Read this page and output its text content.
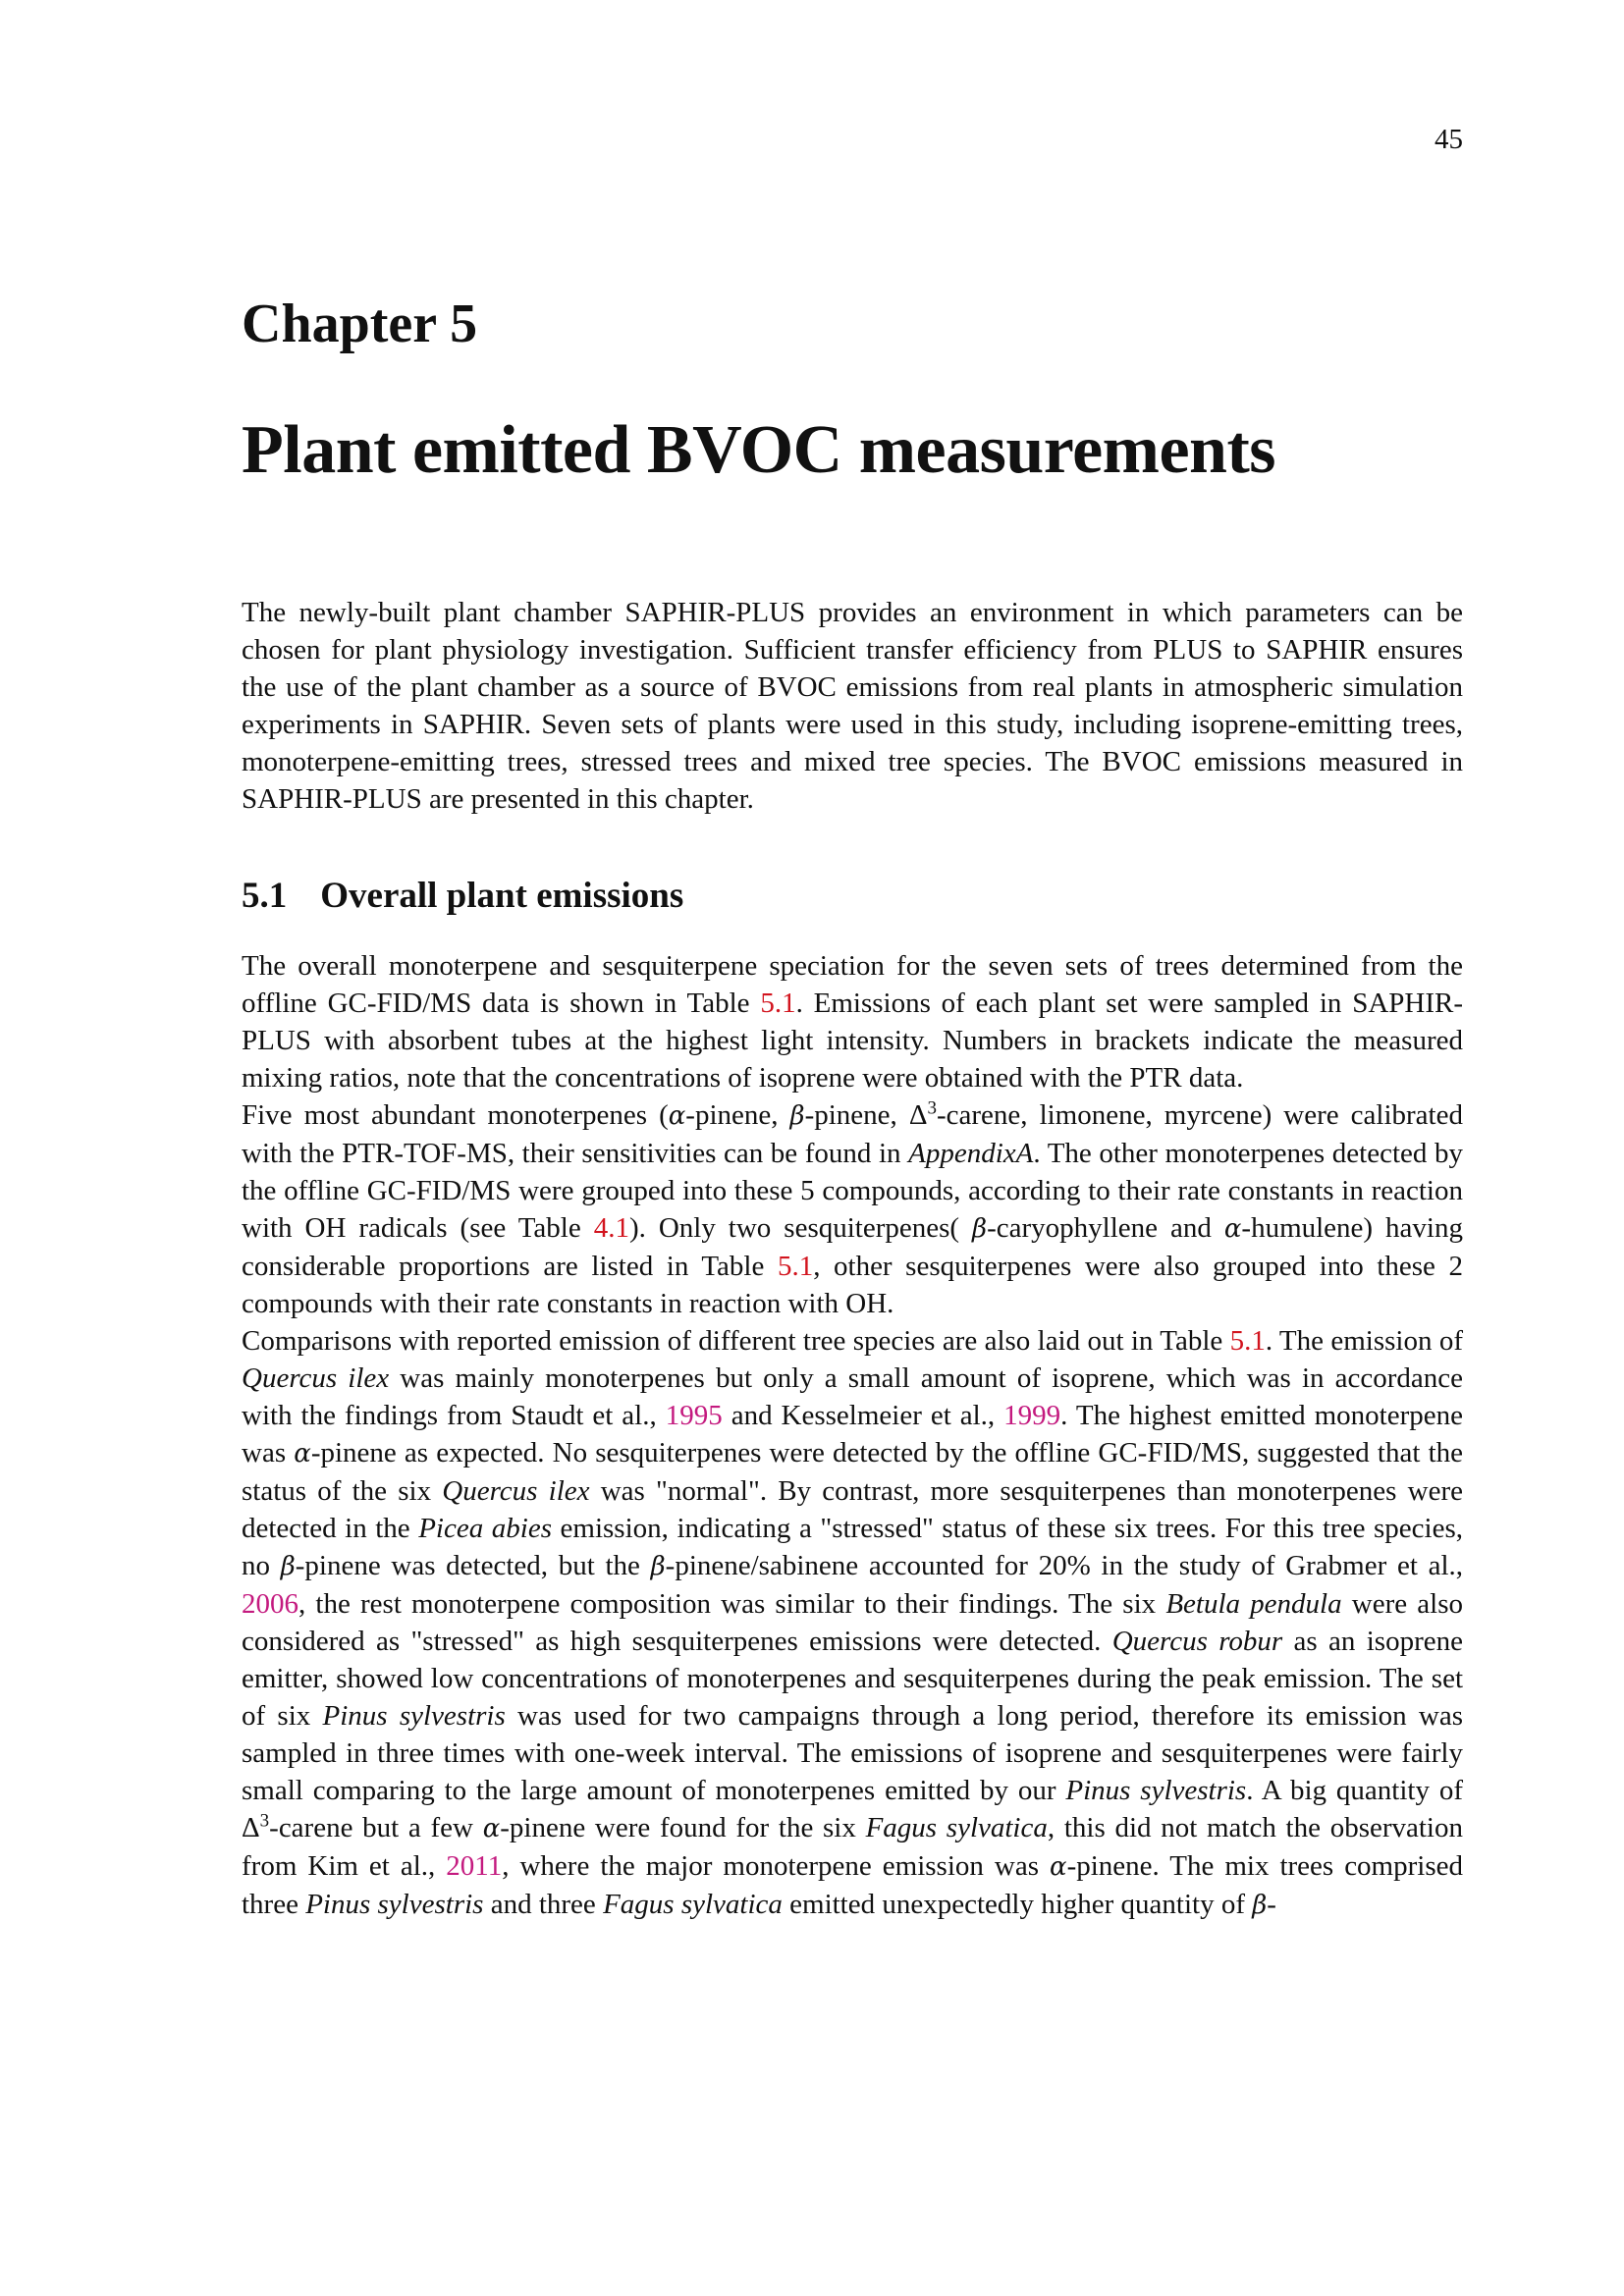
45
Chapter 5
Plant emitted BVOC measurements

The newly-built plant chamber SAPHIR-PLUS provides an environment in which parameters can be chosen for plant physiology investigation. Sufficient transfer efficiency from PLUS to SAPHIR ensures the use of the plant chamber as a source of BVOC emissions from real plants in atmospheric simulation experiments in SAPHIR. Seven sets of plants were used in this study, including isoprene-emitting trees, monoterpene-emitting trees, stressed trees and mixed tree species. The BVOC emissions measured in SAPHIR-PLUS are presented in this chapter.

5.1 Overall plant emissions

The overall monoterpene and sesquiterpene speciation for the seven sets of trees determined from the offline GC-FID/MS data is shown in Table 5.1. Emissions of each plant set were sampled in SAPHIR-PLUS with absorbent tubes at the highest light intensity. Numbers in brackets indicate the measured mixing ratios, note that the concentrations of isoprene were obtained with the PTR data.

Five most abundant monoterpenes (α-pinene, β-pinene, $\Delta^3$-carene, limonene, myrcene) were calibrated with the PTR-TOF-MS, their sensitivities can be found in AppendixA. The other monoterpenes detected by the offline GC-FID/MS were grouped into these 5 compounds, according to their rate constants in reaction with OH radicals (see Table 4.1). Only two sesquiterpenes( β-caryophyllene and α-humulene) having considerable proportions are listed in Table 5.1, other sesquiterpenes were also grouped into these 2 compounds with their rate constants in reaction with OH.

Comparisons with reported emission of different tree species are also laid out in Table 5.1. The emission of Quercus ilex was mainly monoterpenes but only a small amount of isoprene, which was in accordance with the findings from Staudt et al., 1995 and Kesselmeier et al., 1999. The highest emitted monoterpene was α-pinene as expected. No sesquiterpenes were detected by the offline GC-FID/MS, suggested that the status of the six Quercus ilex was "normal". By contrast, more sesquiterpenes than monoterpenes were detected in the Picea abies emission, indicating a "stressed" status of these six trees. For this tree species, no β-pinene was detected, but the β-pinene/sabinene accounted for 20% in the study of Grabmer et al., 2006, the rest monoterpene composition was similar to their findings. The six Betula pendula were also considered as "stressed" as high sesquiterpenes emissions were detected. Quercus robur as an isoprene emitter, showed low concentrations of monoterpenes and sesquiterpenes during the peak emission. The set of six Pinus sylvestris was used for two campaigns through a long period, therefore its emission was sampled in three times with one-week interval. The emissions of isoprene and sesquiterpenes were fairly small comparing to the large amount of monoterpenes emitted by our Pinus sylvestris. A big quantity of $\Delta^3$-carene but a few α-pinene were found for the six Fagus sylvatica, this did not match the observation from Kim et al., 2011, where the major monoterpene emission was α-pinene. The mix trees comprised three Pinus sylvestris and three Fagus sylvatica emitted unexpectedly higher quantity of β-
